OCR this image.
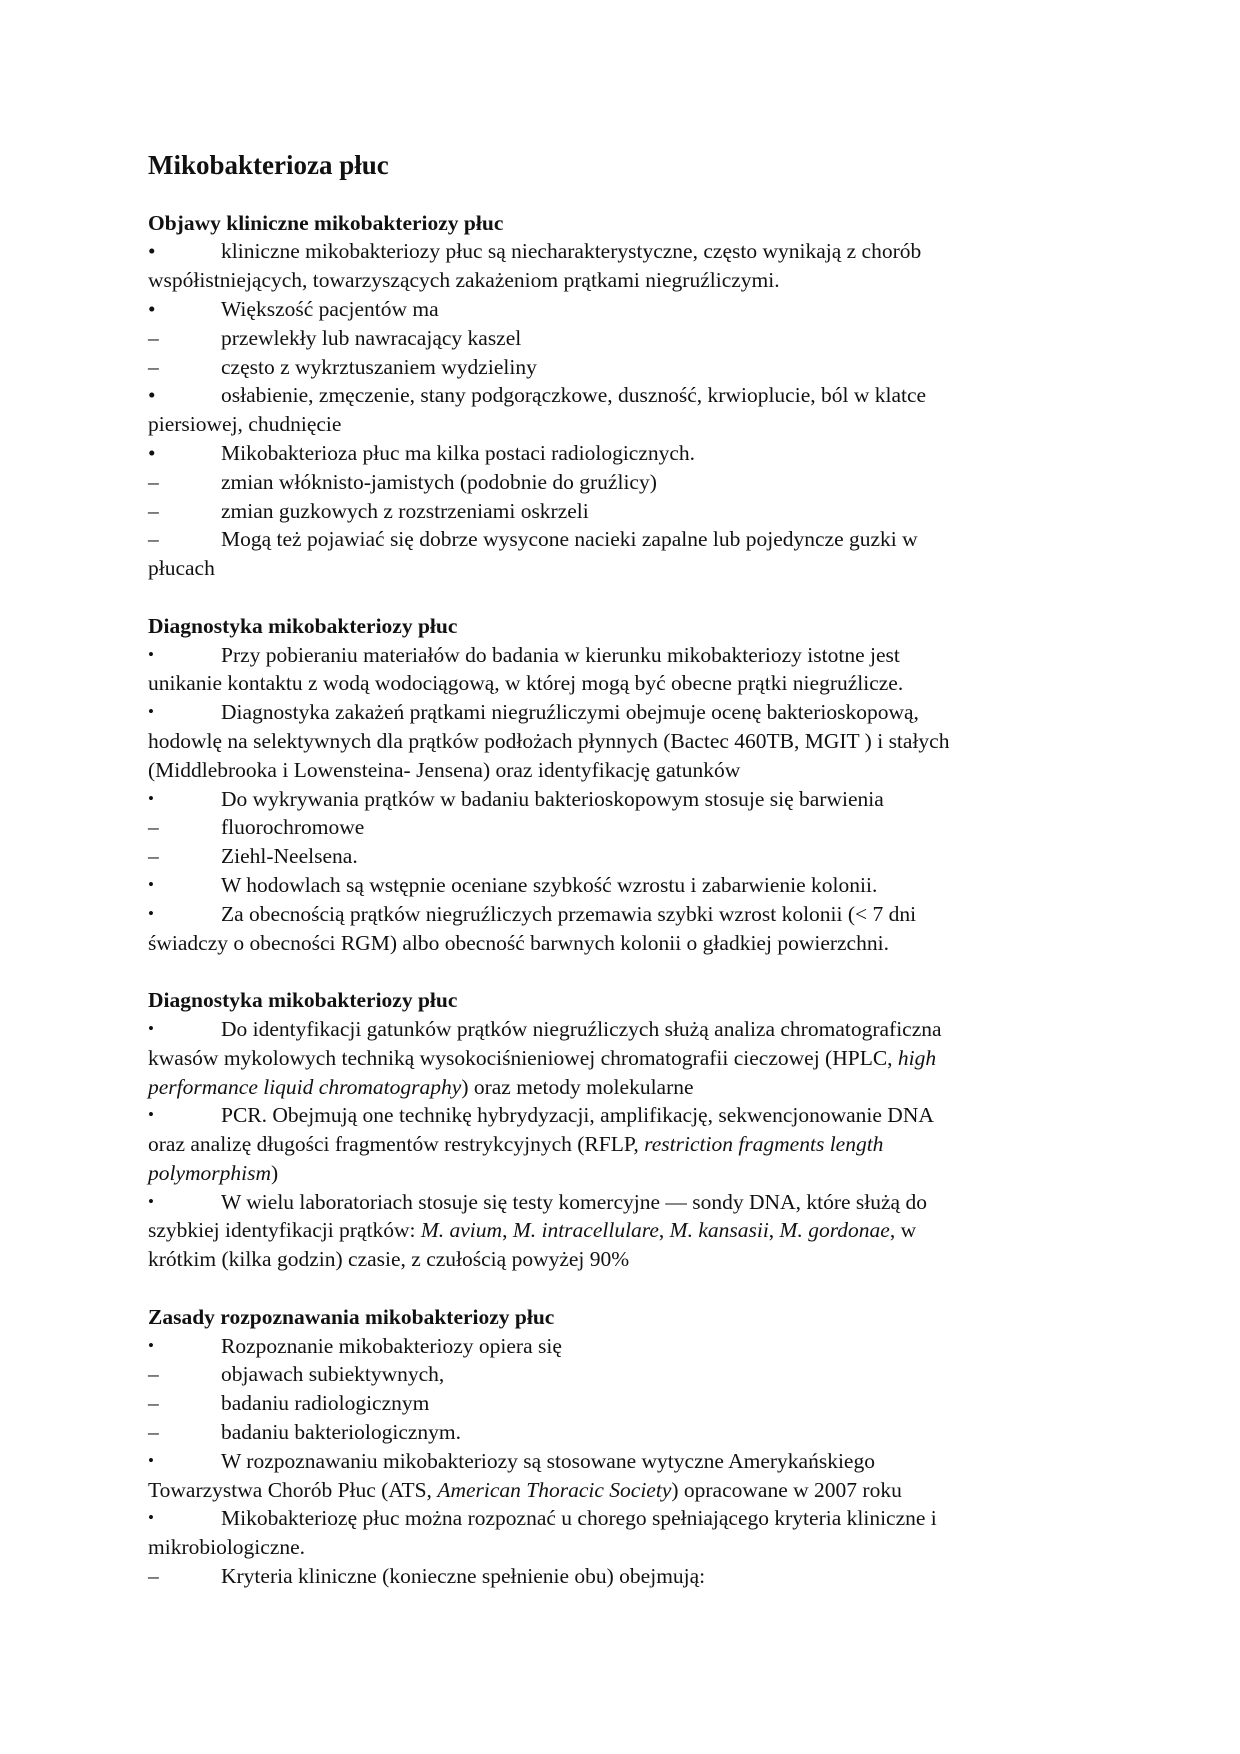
Mikobakterioza płuc
Objawy kliniczne mikobakteriozy płuc
•	kliniczne mikobakteriozy płuc są niecharakterystyczne, często wynikają z chorób
współistniejących, towarzyszących zakażeniom prątkami niegruźliczymi.
•	Większość pacjentów ma
–	przewlekły lub nawracający kaszel
–	często z wykrztuszaniem wydzieliny
•	osłabienie, zmęczenie, stany podgorączkowe, duszność, krwioplucie, ból w klatce
piersiowej, chudnięcie
•	Mikobakterioza płuc ma kilka postaci radiologicznych.
–	zmian włóknisto-jamistych (podobnie do gruźlicy)
–	zmian guzkowych z rozstrzeniami oskrzeli
–	Mogą też pojawiać się dobrze wysycone nacieki zapalne lub pojedyncze guzki w
płucach
Diagnostyka mikobakteriozy płuc
•	Przy pobieraniu materiałów do badania w kierunku mikobakteriozy istotne jest
unikanie kontaktu z wodą wodociągową, w której mogą być obecne prątki niegruźlicze.
•	Diagnostyka zakażeń prątkami niegruźliczymi obejmuje ocenę bakterioskopową,
hodowlę na selektywnych dla prątków podłożach płynnych (Bactec 460TB, MGIT ) i stałych
(Middlebrooka i Lowensteina- Jensena) oraz identyfikację gatunków
•	Do wykrywania prątków w badaniu bakterioskopowym stosuje się barwienia
–	fluorochromowe
–	Ziehl-Neelsena.
•	W hodowlach są wstępnie oceniane szybkość wzrostu i zabarwienie kolonii.
•	Za obecnością prątków niegruźliczych przemawia szybki wzrost kolonii (< 7 dni
świadczy o obecności RGM) albo obecność barwnych kolonii o gładkiej powierzchni.
Diagnostyka mikobakteriozy płuc
•	Do identyfikacji gatunków prątków niegruźliczych służą analiza chromatograficzna
kwasów mykolowych techniką wysokociśnieniowej chromatografii cieczowej (HPLC, high
performance liquid chromatography) oraz metody molekularne
•	PCR. Obejmują one technikę hybrydyzacji, amplifikację, sekwencjonowanie DNA
oraz analizę długości fragmentów restrykcyjnych (RFLP, restriction fragments length
polymorphism)
•	W wielu laboratoriach stosuje się testy komercyjne — sondy DNA, które służą do
szybkiej identyfikacji prątków: M. avium, M. intracellulare, M. kansasii, M. gordonae, w
krótkim (kilka godzin) czasie, z czułością powyżej 90%
Zasady rozpoznawania mikobakteriozy płuc
•	Rozpoznanie mikobakteriozy opiera się
–	objawach subiektywnych,
–	badaniu radiologicznym
–	badaniu bakteriologicznym.
•	W rozpoznawaniu mikobakteriozy są stosowane wytyczne Amerykańskiego
Towarzystwa Chorób Płuc (ATS, American Thoracic Society) opracowane w 2007 roku
•	Mikobakteriozę płuc można rozpoznać u chorego spełniającego kryteria kliniczne i
mikrobiologiczne.
–	Kryteria kliniczne (konieczne spełnienie obu) obejmują:
